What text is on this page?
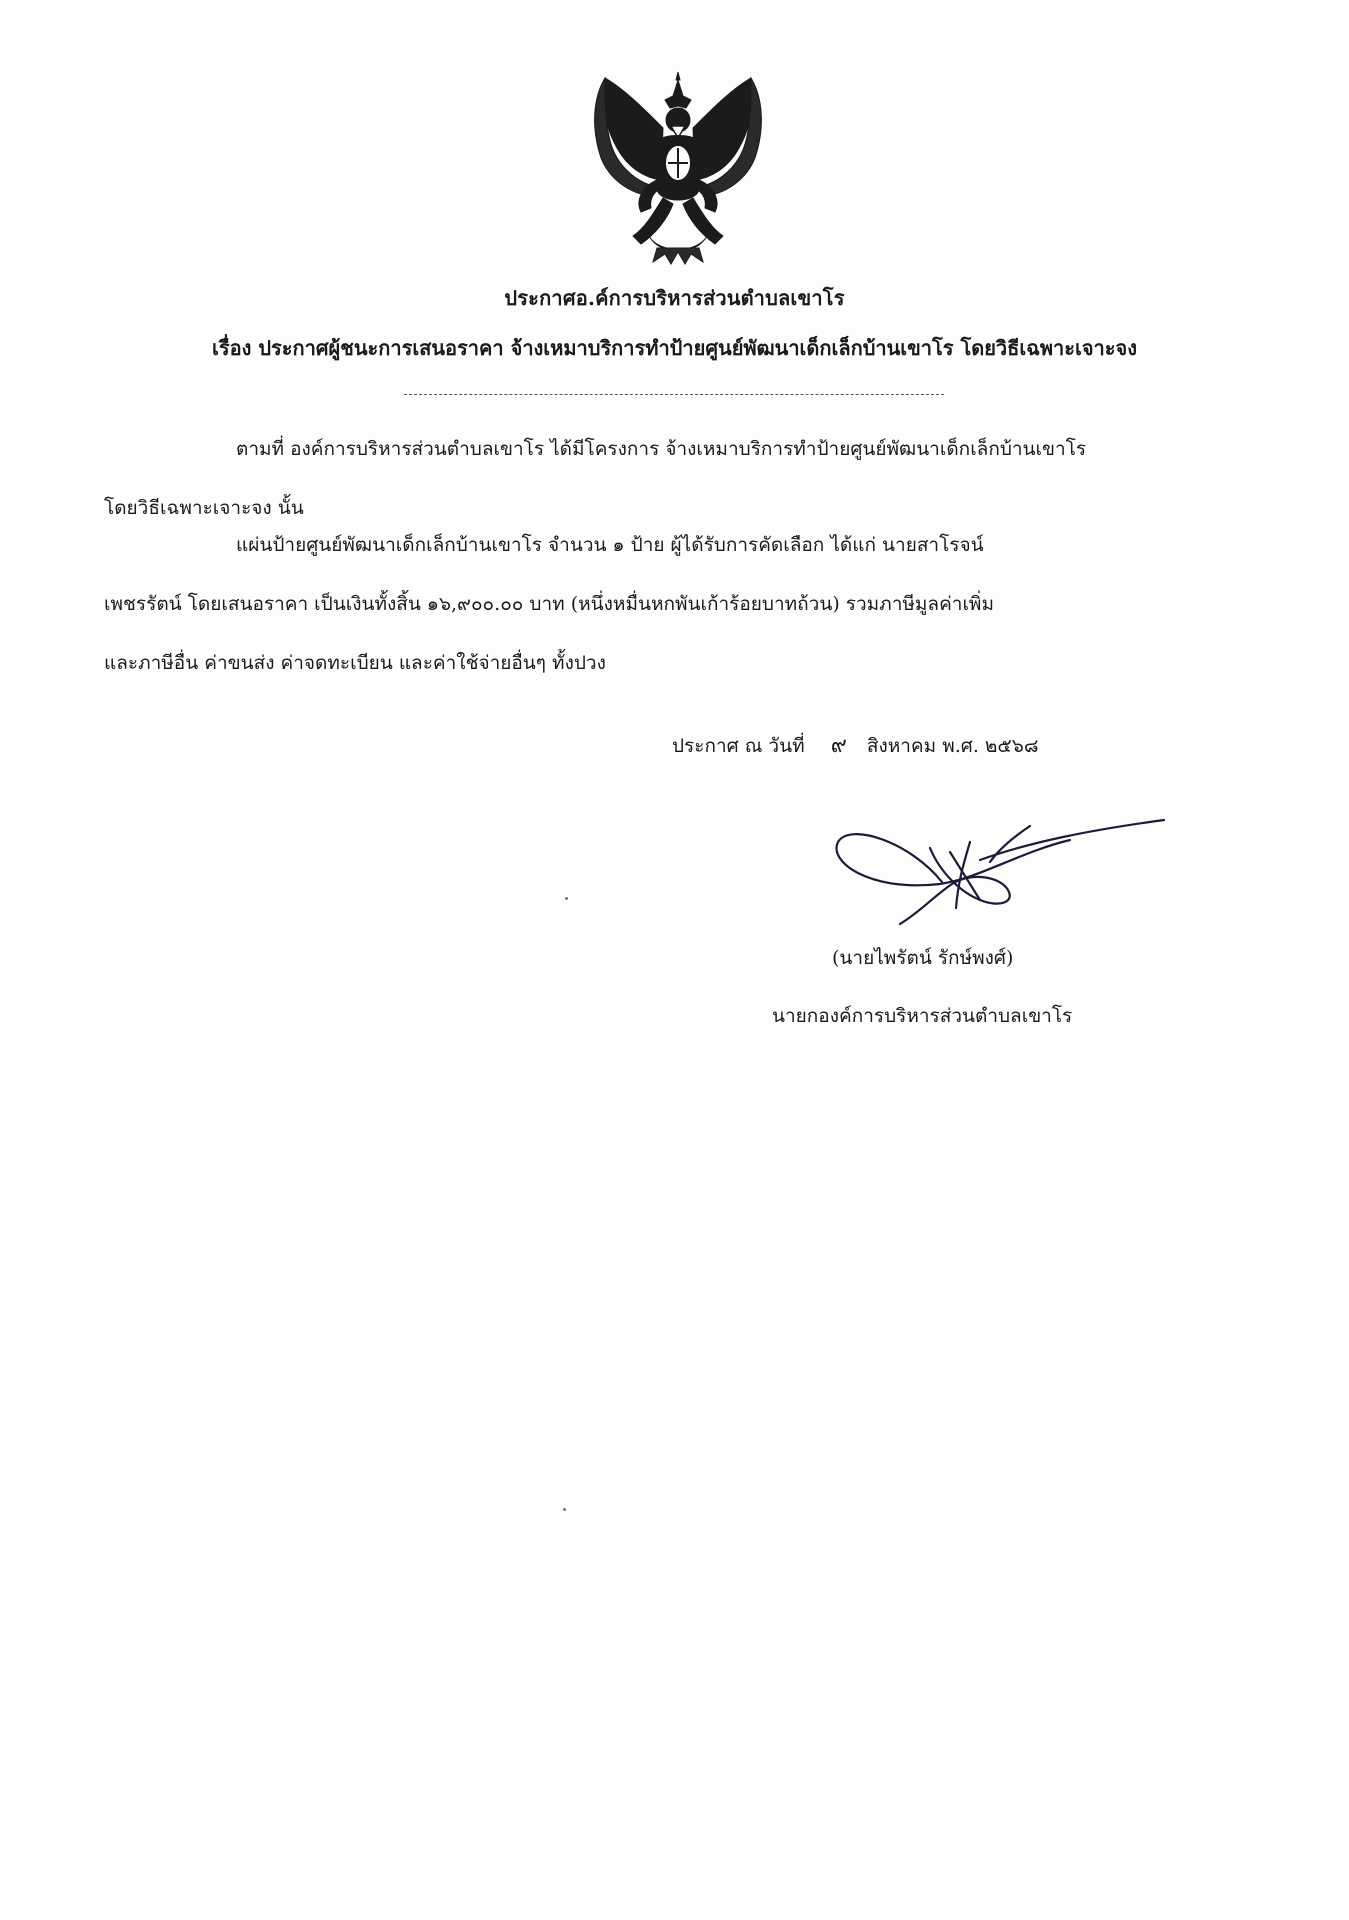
ประกาศอ.ค์การบริหารส่วนตำบลเขาโร
เรื่อง ประกาศผู้ชนะการเสนอราคา จ้างเหมาบริการทำป้ายศูนย์พัฒนาเด็กเล็กบ้านเขาโร โดยวิธีเฉพาะเจาะจง
ตามที่ องค์การบริหารส่วนตำบลเขาโร ได้มีโครงการ จ้างเหมาบริการทำป้ายศูนย์พัฒนาเด็กเล็กบ้านเขาโร
โดยวิธีเฉพาะเจาะจง นั้น
แผ่นป้ายศูนย์พัฒนาเด็กเล็กบ้านเขาโร จำนวน ๑ ป้าย ผู้ได้รับการคัดเลือก ได้แก่ นายสาโรจน์
เพชรรัตน์ โดยเสนอราคา เป็นเงินทั้งสิ้น ๑๖,๙๐๐.๐๐ บาท (หนึ่งหมื่นหกพันเก้าร้อยบาทถ้วน) รวมภาษีมูลค่าเพิ่ม
และภาษีอื่น ค่าขนส่ง ค่าจดทะเบียน และค่าใช้จ่ายอื่นๆ ทั้งปวง
ประกาศ ณ วันที่ ๙ สิงหาคม พ.ศ. ๒๕๖๘
(นายไพรัตน์ รักษ์พงศ์)
นายกองค์การบริหารส่วนตำบลเขาโร
